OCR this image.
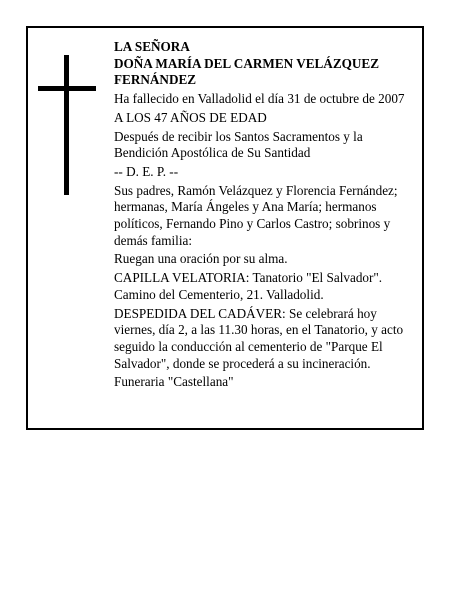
LA SEÑORA

DOÑA MARÍA DEL CARMEN VELÁZQUEZ FERNÁNDEZ

Ha fallecido en Valladolid el día 31 de octubre de 2007

A LOS 47 AÑOS DE EDAD

Después de recibir los Santos Sacramentos y la Bendición Apostólica de Su Santidad

-- D. E. P. --

Sus padres, Ramón Velázquez y Florencia Fernández; hermanas, María Ángeles y Ana María; hermanos políticos, Fernando Pino y Carlos Castro; sobrinos y demás familia:

Ruegan una oración por su alma.

CAPILLA VELATORIA: Tanatorio "El Salvador". Camino del Cementerio, 21. Valladolid.

DESPEDIDA DEL CADÁVER: Se celebrará hoy viernes, día 2, a las 11.30 horas, en el Tanatorio, y acto seguido la conducción al cementerio de "Parque El Salvador", donde se procederá a su incineración.

Funeraria "Castellana"
